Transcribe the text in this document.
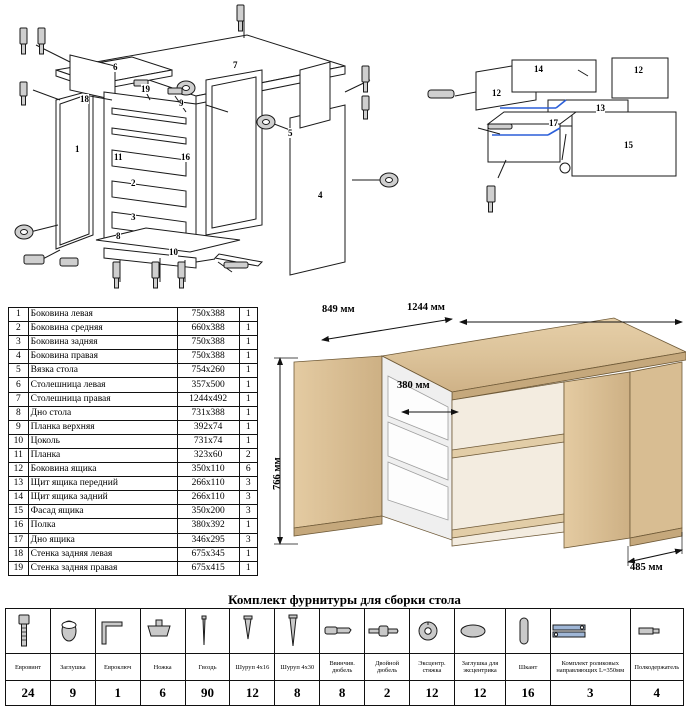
1
2
3
4
5
6	7
8
9
10
11	16
18
19	12
12
13
14
15
17
1	Боковина левая	750x388	1
2	Боковина средняя	660х388	1
3	Боковина задняя	750х388	1
4	Боковина правая	750х388	1
5	Вязка стола	754х260	1
6	Столешница левая	357х500	1
7	Столешница правая	1244х492	1
8	Дно стола	731х388	1
9	Планка верхняя	392х74	1
10	Цоколь	731х74	1
11	Планка	323х60	2
12	Боковина ящика	350х110	6
13	Щит ящика передний	266х110	3
14	Щит ящика задний	266х110	3
15	Фасад ящика	350х200	3
16	Полка	380х392	1
17	Дно ящика	346х295	3
18	Стенка задняя левая	675х345	1
19	Стенка задняя правая	675х415	1
1244 мм
849 мм
766 мм
380 мм
485 мм
Комплект фурнитуры для сборки стола

Евровинт	Заглушка	Евроключ	Ножка	Гвоздь	Шуруп 4х16	Шуруп 4х30	Ввинчив. дюбель	Двойной дюбель	Эксцентр. стяжка	Заглушка для эксцентрика	Шкант	Комплект роликовых направляющих L=350мм	Полкодержатель
24	9	1	6	90	12	8	8	2	12	12	16	3	4
